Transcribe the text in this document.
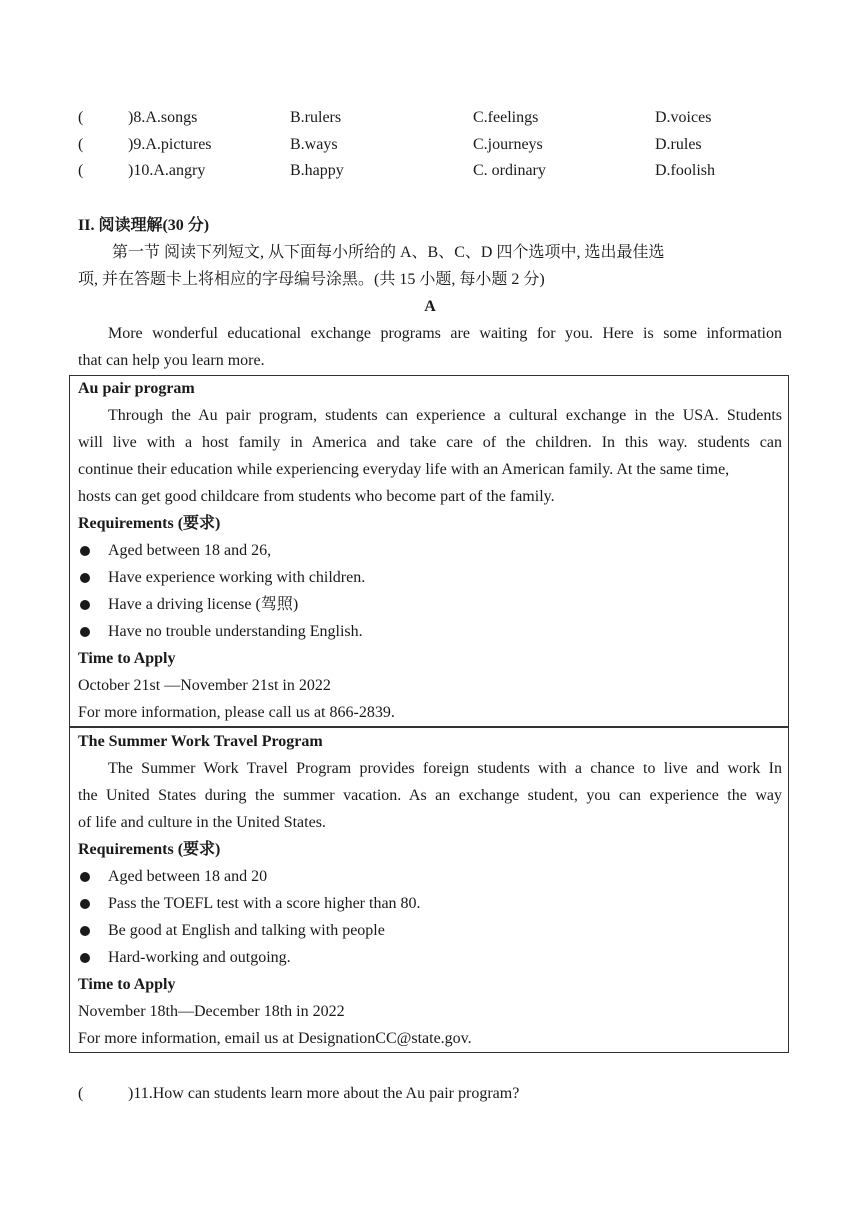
(	)8.A.songs	B.rulers	C.feelings	D.voices
(	)9.A.pictures	B.ways	C.journeys	D.rules
(	)10.A.angry	B.happy	C. ordinary	D.foolish
II. 阅读理解(30 分)
第一节 阅读下列短文, 从下面每小所给的 A、B、C、D 四个选项中, 选出最佳选
项, 并在答题卡上将相应的字母编号涂黑。(共 15 小题, 每小题 2 分)
A
More wonderful educational exchange programs are waiting for you. Here is some information
that can help you learn more.
Au pair program
Through the Au pair program, students can experience a cultural exchange in the USA. Students
will live with a host family in America and take care of the children. In this way. students can
continue their education while experiencing everyday life with an American family. At the same time,
hosts can get good childcare from students who become part of the family.
Requirements (要求)
Aged between 18 and 26,
Have experience working with children.
Have a driving license (驾照)
Have no trouble understanding English.
Time to Apply
October 21st —November 21st in 2022
For more information, please call us at 866-2839.
The Summer Work Travel Program
The Summer Work Travel Program provides foreign students with a chance to live and work In
the United States during the summer vacation. As an exchange student, you can experience the way
of life and culture in the United States.
Requirements (要求)
Aged between 18 and 20
Pass the TOEFL test with a score higher than 80.
Be good at English and talking with people
Hard-working and outgoing.
Time to Apply
November 18th—December 18th in 2022
For more information, email us at DesignationCC@state.gov.
(	)11.How can students learn more about the Au pair program?
